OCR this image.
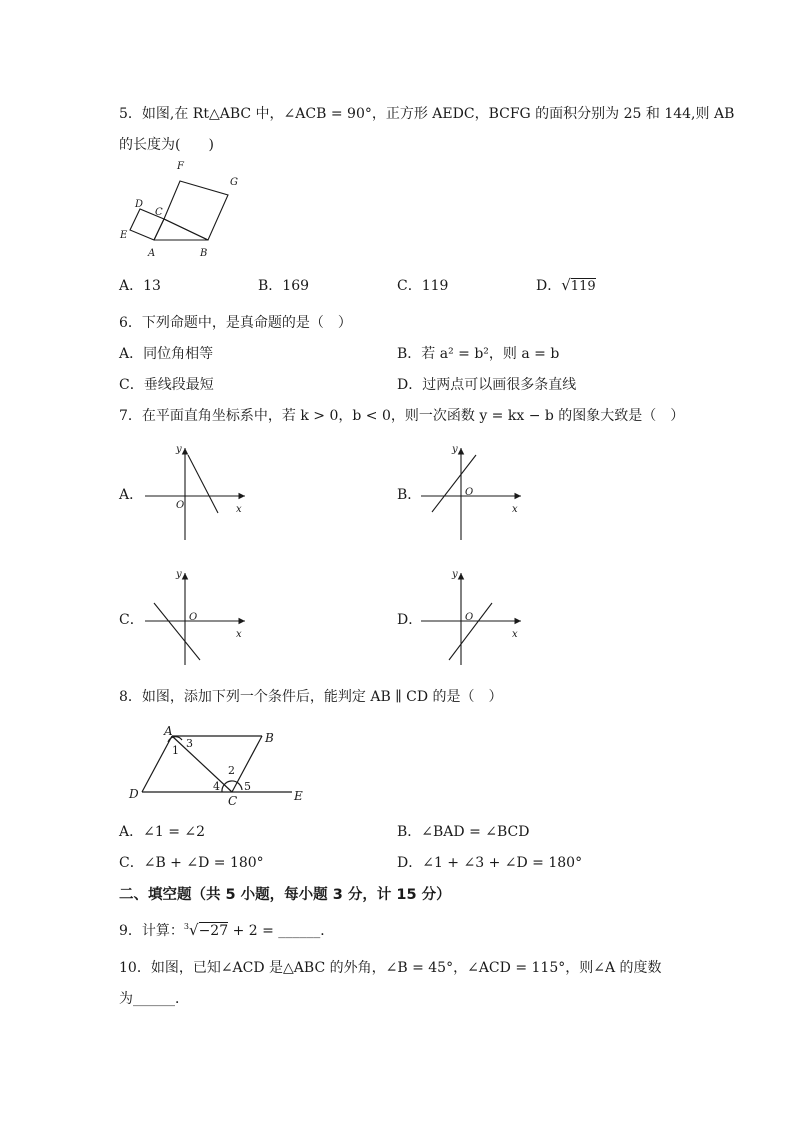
5．如图,在 Rt△ABC 中，∠ACB = 90°，正方形 AEDC，BCFG 的面积分别为 25 和 144,则 AB
的长度为(　　)
F
G
D
C
E
A	B
A．13	B．169	C．119	D．√119
6．下列命题中，是真命题的是（　）
A．同位角相等	B．若 a² = b²，则 a = b
C．垂线段最短	D．过两点可以画很多条直线
7．在平面直角坐标系中，若 k > 0，b < 0，则一次函数 y = kx − b 的图象大致是（　）
A．
y
x
O
B．
y
x
O
C．
y
x
O	D．
y
x
O
8．如图，添加下列一个条件后，能判定 AB ∥ CD 的是（　）
A	B
C
D	E
1
3
2
4 5
A．∠1 = ∠2	B．∠BAD = ∠BCD
C．∠B + ∠D = 180°	D．∠1 + ∠3 + ∠D = 180°
二、填空题（共 5 小题，每小题 3 分，计 15 分）
9．计算：$^3$√−27 + 2 = ______．
10．如图，已知∠ACD 是△ABC 的外角，∠B = 45°，∠ACD = 115°，则∠A 的度数
为______．
